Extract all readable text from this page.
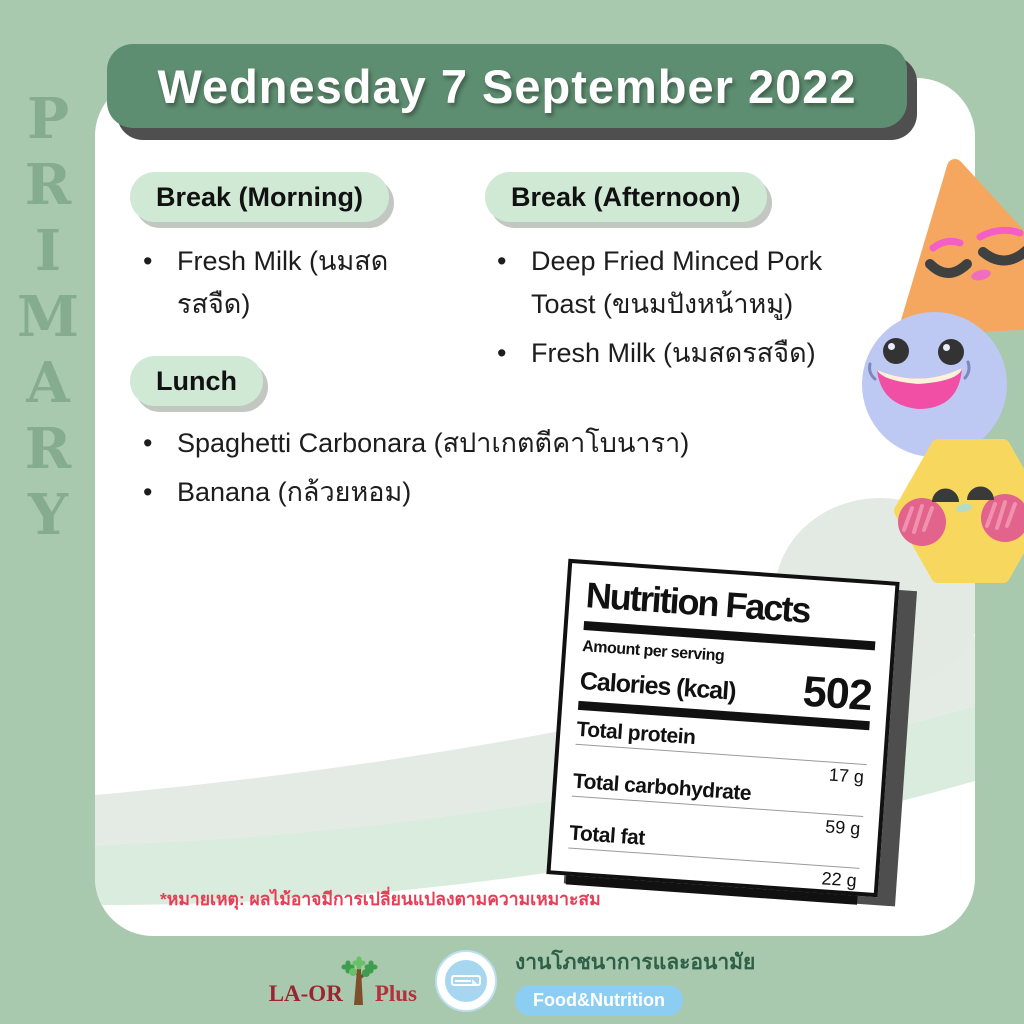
P
R
I
M
A
R
Y
Break (Morning)
• Fresh Milk (นมสดรสจืด)
Break (Afternoon)
• Deep Fried Minced Pork Toast (ขนมปังหน้าหมู)
• Fresh Milk (นมสดรสจืด)
Lunch
• Spaghetti Carbonara (สปาเกตตีคาโบนารา)
• Banana (กล้วยหอม)
Nutrition Facts
Amount per serving
Calories (kcal) 502
Total protein
17 g
Total carbohydrate
59 g
Total fat
22 g
*หมายเหตุ: ผลไม้อาจมีการเปลี่ยนแปลงตามความเหมาะสม
Wednesday 7 September 2022
LA-OR Plus
งานโภชนาการและอนามัย
Food&Nutrition
